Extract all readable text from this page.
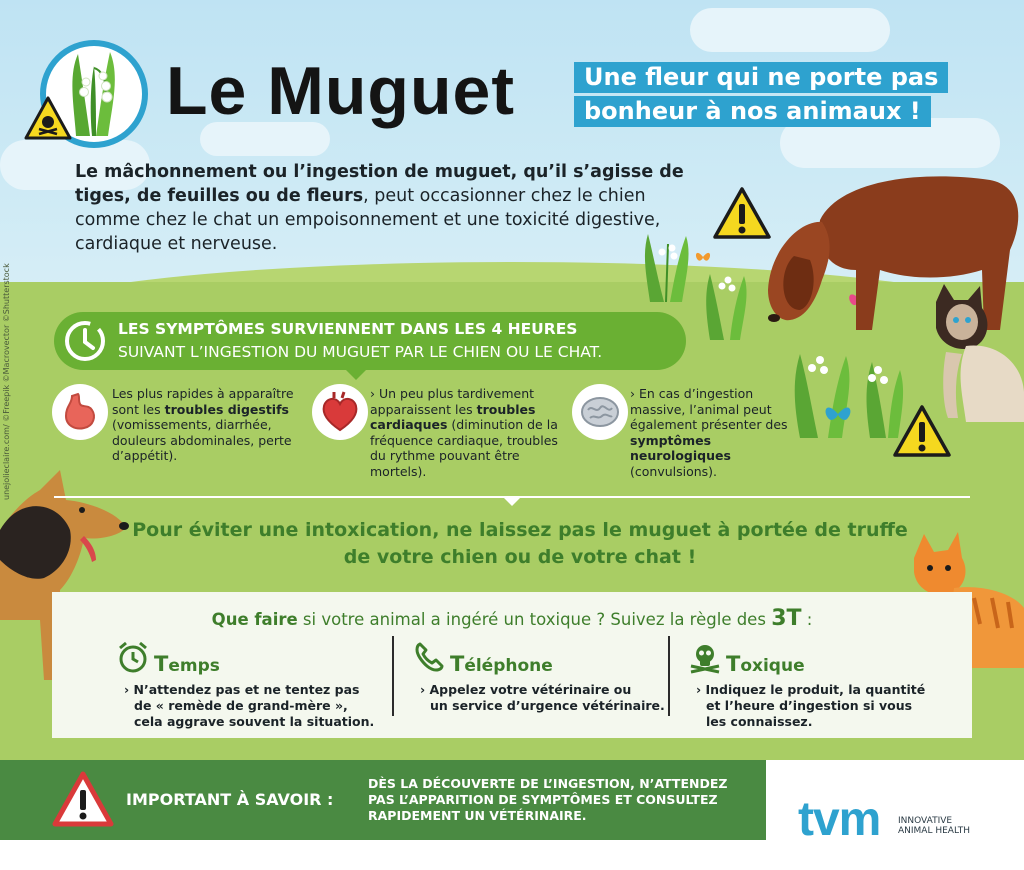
Le Muguet	Une fleur qui ne porte pas
bonheur à nos animaux !
Le mâchonnement ou l’ingestion de muguet, qu’il s’agisse de tiges, de feuilles ou de fleurs, peut occasionner chez le chien comme chez le chat un empoisonnement et une toxicité digestive, cardiaque et nerveuse.
unejolieclaire.com/ ©Freepik ©Macrovector ©Shutterstock	LES SYMPTÔMES SURVIENNENT DANS LES 4 HEURES
SUIVANT L’INGESTION DU MUGUET PAR LE CHIEN OU LE CHAT.
Les plus rapides à apparaître sont les troubles digestifs (vomissements, diarrhée, douleurs abdominales, perte d’appétit).
› Un peu plus tardivement apparaissent les troubles cardiaques (diminution de la fréquence cardiaque, troubles du rythme pouvant être mortels).
› En cas d’ingestion massive, l’animal peut également présenter des symptômes neurologiques (convulsions).
Pour éviter une intoxication, ne laissez pas le muguet à portée de truffe de votre chien ou de votre chat !
Que faire si votre animal a ingéré un toxique ? Suivez la règle des 3T :
Temps
› N’attendez pas et ne tentez pas
de « remède de grand-mère »,
cela aggrave souvent la situation.
Téléphone
› Appelez votre vétérinaire ou
un service d’urgence vétérinaire.
Toxique
› Indiquez le produit, la quantité
et l’heure d’ingestion si vous
les connaissez.
IMPORTANT À SAVOIR :
DÈS LA DÉCOUVERTE DE L’INGESTION, N’ATTENDEZ
PAS L’APPARITION DE SYMPTÔMES ET CONSULTEZ
RAPIDEMENT UN VÉTÉRINAIRE.	tvm INNOVATIVE
ANIMAL HEALTH
